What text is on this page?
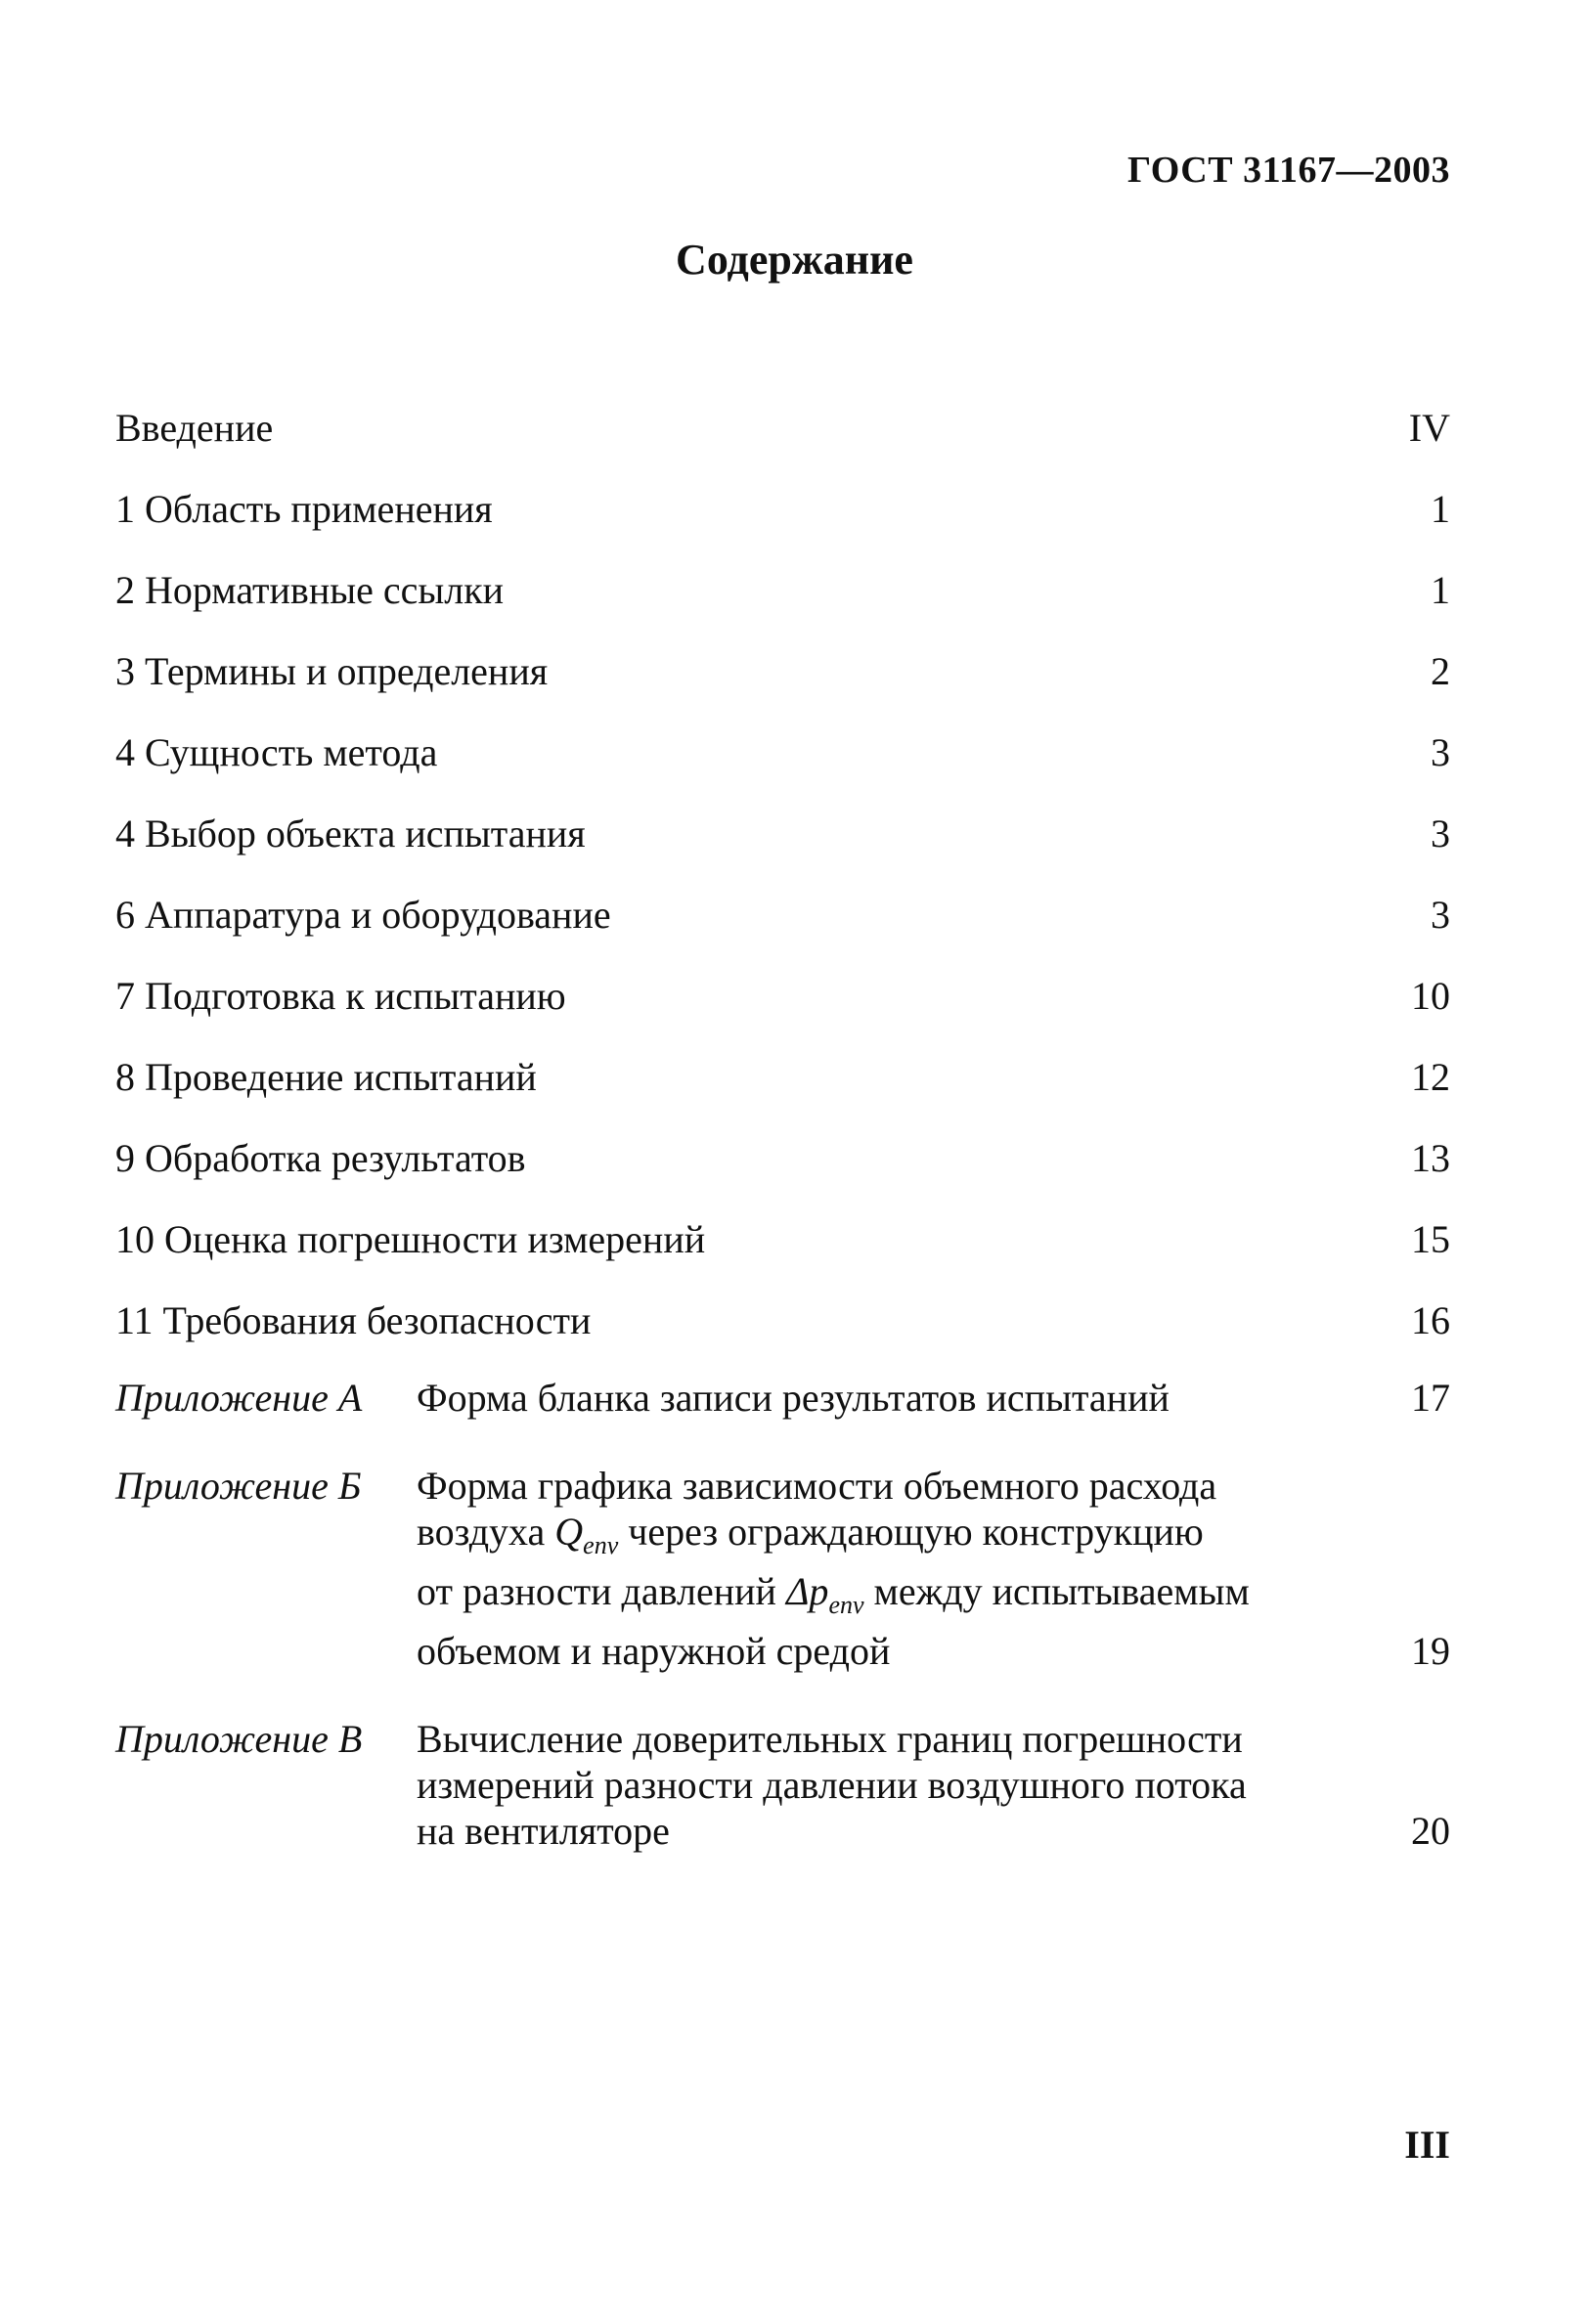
ГОСТ 31167—2003
Содержание
Введение	IV
1 Область применения	1
2 Нормативные ссылки	1
3 Термины и определения	2
4 Сущность метода	3
4 Выбор объекта испытания	3
6 Аппаратура и оборудование	3
7 Подготовка к испытанию	10
8 Проведение испытаний	12
9 Обработка результатов	13
10 Оценка погрешности измерений	15
11 Требования безопасности	16
Приложение А Форма бланка записи результатов испытаний	17
Приложение Б Форма графика зависимости объемного расхода
воздуха $Q_{env}$ через ограждающую конструкцию
от разности давлений $\Delta p_{env}$ между испытываемым
объемом и наружной средой	19
Приложение В Вычисление доверительных границ погрешности
измерений разности давлении воздушного потока
на вентиляторе	20
III
